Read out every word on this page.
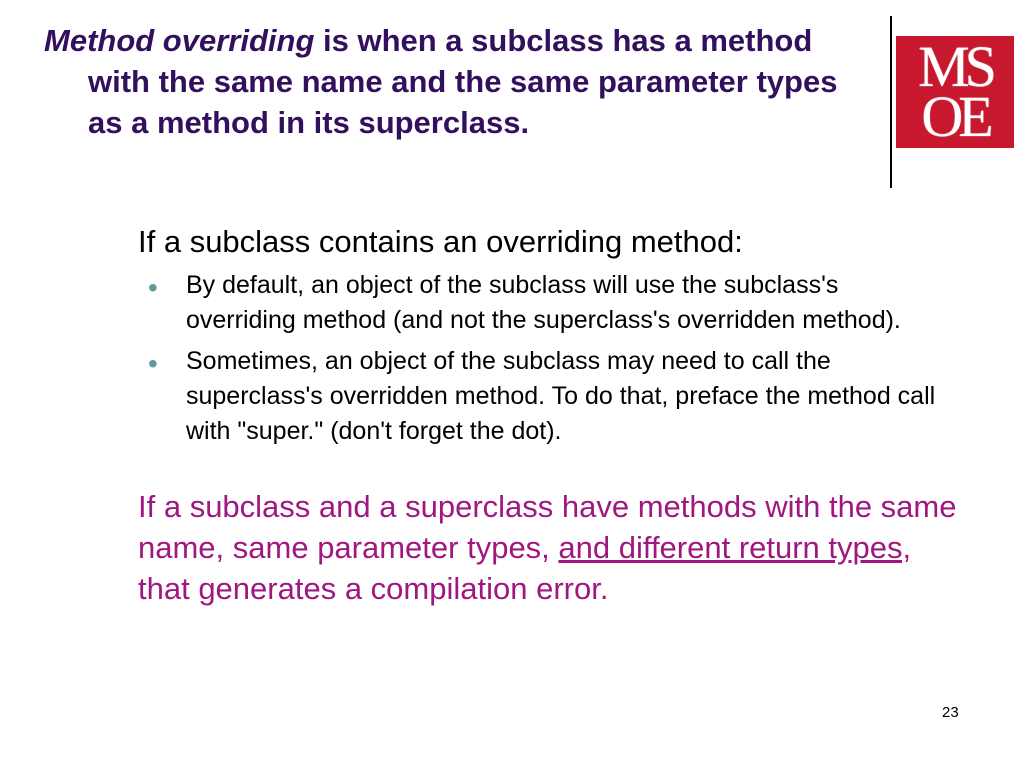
Method overriding is when a subclass has a method with the same name and the same parameter types as a method in its superclass.
MS
OE
If a subclass contains an overriding method:
• By default, an object of the subclass will use the subclass's overriding method (and not the superclass's overridden method).
• Sometimes, an object of the subclass may need to call the superclass's overridden method. To do that, preface the method call with "super." (don't forget the dot).
If a subclass and a superclass have methods with the same name, same parameter types, and different return types, that generates a compilation error.
23
